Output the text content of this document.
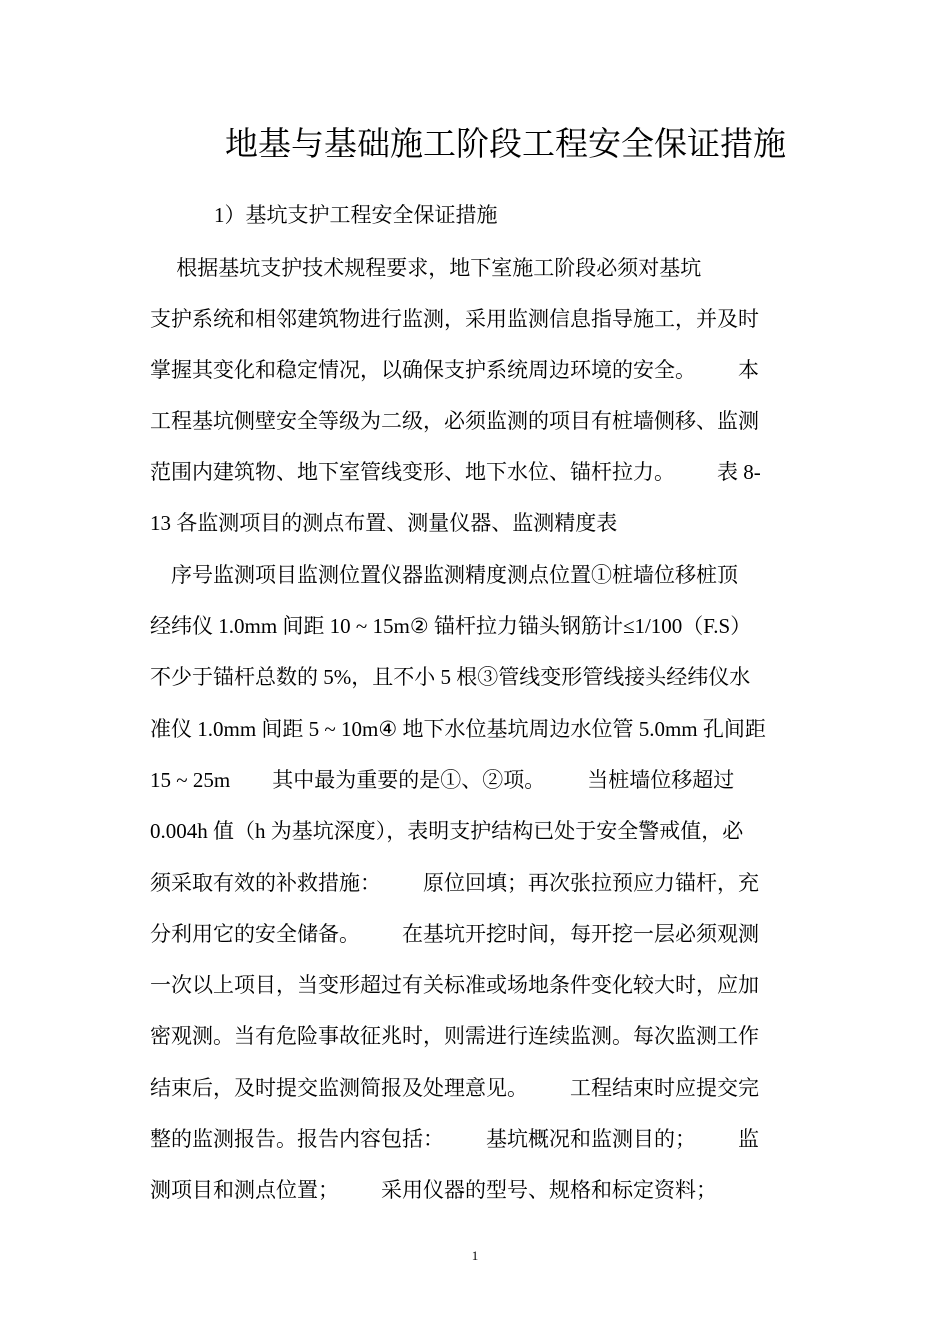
地基与基础施工阶段工程安全保证措施

1）基坑支护工程安全保证措施

根据基坑支护技术规程要求，地下室施工阶段必须对基坑

支护系统和相邻建筑物进行监测，采用监测信息指导施工，并及时

掌握其变化和稳定情况，以确保支护系统周边环境的安全。        本

工程基坑侧壁安全等级为二级，必须监测的项目有桩墙侧移、监测

范围内建筑物、地下室管线变形、地下水位、锚杆拉力。        表 8-

13 各监测项目的测点布置、测量仪器、监测精度表

序号监测项目监测位置仪器监测精度测点位置①桩墙位移桩顶

经纬仪 1.0mm 间距 10 ~ 15m② 锚杆拉力锚头钢筋计≤1/100（F.S）

不少于锚杆总数的 5%，且不小 5 根③管线变形管线接头经纬仪水

准仪 1.0mm 间距 5 ~ 10m④ 地下水位基坑周边水位管 5.0mm 孔间距

15 ~ 25m        其中最为重要的是①、②项。        当桩墙位移超过

0.004h 值（h 为基坑深度），表明支护结构已处于安全警戒值，必

须采取有效的补救措施：        原位回填；再次张拉预应力锚杆，充

分利用它的安全储备。        在基坑开挖时间，每开挖一层必须观测

一次以上项目，当变形超过有关标准或场地条件变化较大时，应加

密观测。当有危险事故征兆时，则需进行连续监测。每次监测工作

结束后，及时提交监测简报及处理意见。        工程结束时应提交完

整的监测报告。报告内容包括：        基坑概况和监测目的；        监

测项目和测点位置；        采用仪器的型号、规格和标定资料；

1
